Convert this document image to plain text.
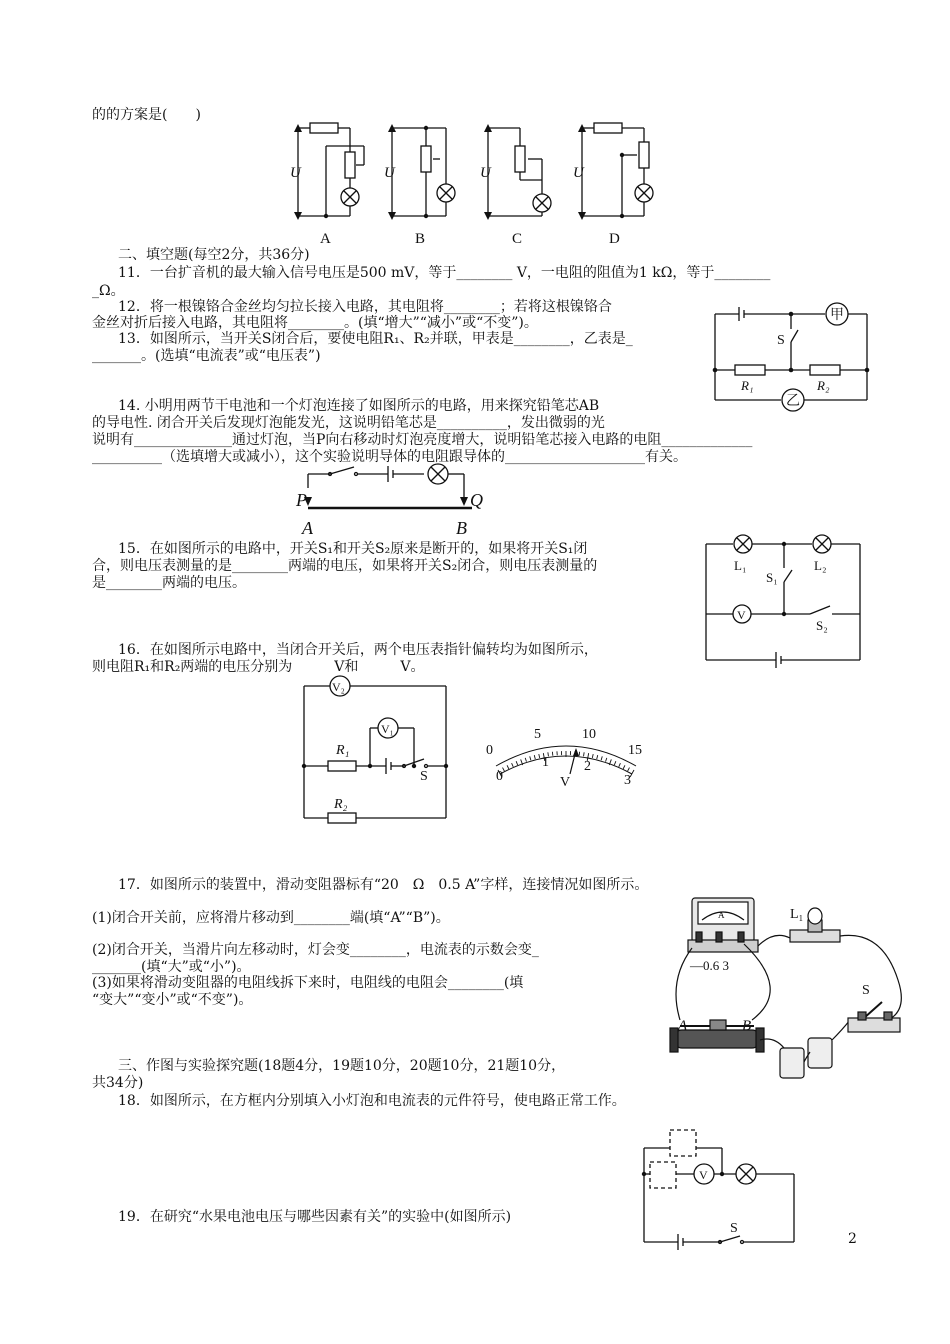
的的方案是(　　)
U	U	U	U
A	B	C	D
二、填空题(每空2分，共36分)
11．一台扩音机的最大输入信号电压是500 mV，等于________ V，一电阻的阻值为1 kΩ，等于________
_Ω。
12．将一根镍铬合金丝均匀拉长接入电路，其电阻将________；若将这根镍铬合
金丝对折后接入电路，其电阻将________。(填“增大”“减小”或“不变”)。
13．如图所示，当开关S闭合后，要使电阻R₁、R₂并联，甲表是________，乙表是_
_______。(选填“电流表”或“电压表”)
甲
乙
S
R₁	R₂
14. 小明用两节干电池和一个灯泡连接了如图所示的电路，用来探究铅笔芯AB
的导电性. 闭合开关后发现灯泡能发光，这说明铅笔芯是__________，发出微弱的光
说明有______________通过灯泡，当P向右移动时灯泡亮度增大，说明铅笔芯接入电路的电阻_____________
__________（选填增大或减小），这个实验说明导体的电阻跟导体的____________________有关。
P	Q
A	B
15．在如图所示的电路中，开关S₁和开关S₂原来是断开的，如果将开关S₁闭
合，则电压表测量的是________两端的电压，如果将开关S₂闭合，则电压表测量的
是________两端的电压。
L₁	L₂
S₁
S₂
V
16．在如图所示电路中，当闭合开关后，两个电压表指针偏转均为如图所示，
则电阻R₁和R₂两端的电压分别为　　　V和　　　V。
V₂
V₁
S
R₁
R₂
0
5	10
15
0
1	2
3
V
17．如图所示的装置中，滑动变阻器标有“20　Ω　0.5 A”字样，连接情况如图所示。
(1)闭合开关前，应将滑片移动到________端(填“A”“B”)。
(2)闭合开关，当滑片向左移动时，灯会变________，电流表的示数会变_
_______(填“大”或“小”)。
(3)如果将滑动变阻器的电阻线拆下来时，电阻线的电阻会________(填
“变大”“变小”或“不变”)。
A
—0.6 3
L₁
S
A	B
三、作图与实验探究题(18题4分，19题10分，20题10分，21题10分，
共34分)
18．如图所示，在方框内分别填入小灯泡和电流表的元件符号，使电路正常工作。
V
S
19．在研究“水果电池电压与哪些因素有关”的实验中(如图所示)
2
